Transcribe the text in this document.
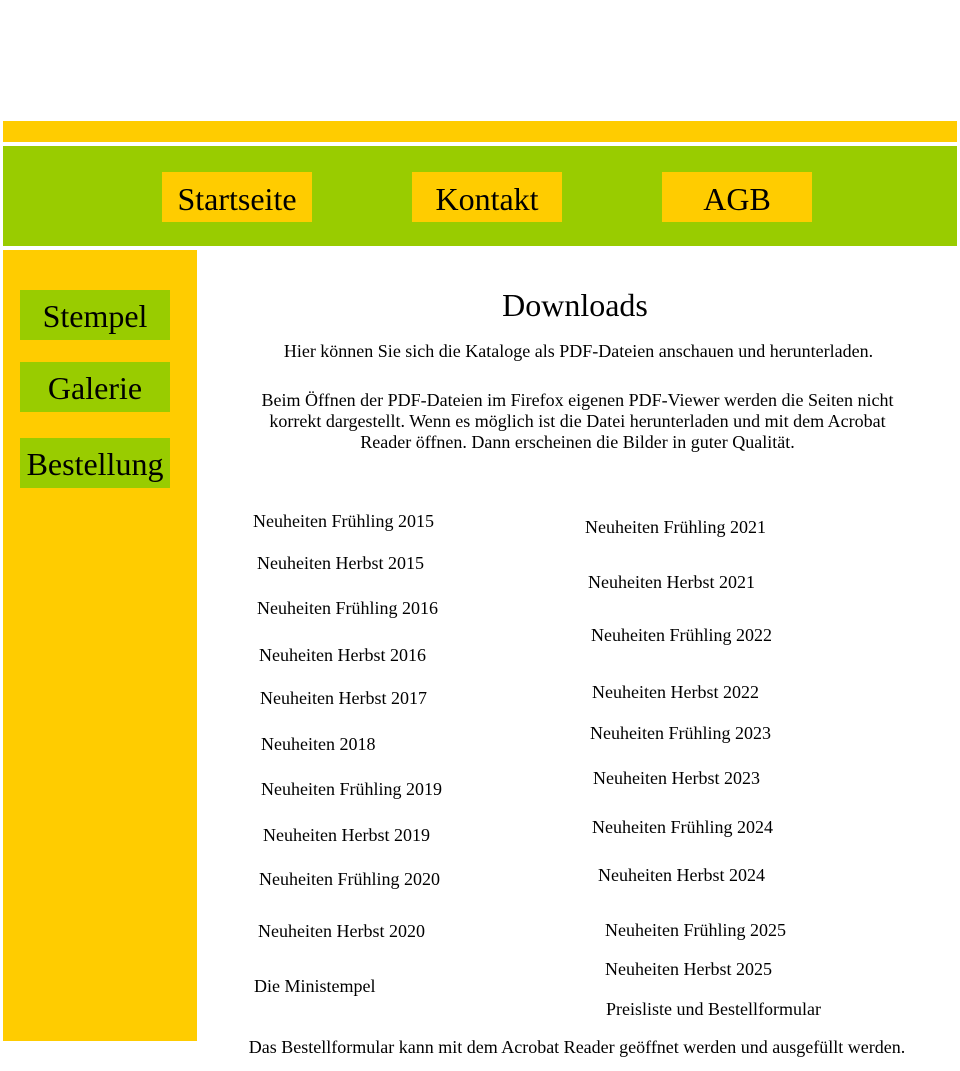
Startseite	Kontakt	AGB
Stempel
Galerie
Bestellung
Downloads
Hier können Sie sich die Kataloge als PDF-Dateien anschauen und herunterladen.
Beim Öffnen der PDF-Dateien im Firefox eigenen PDF-Viewer werden die Seiten nicht korrekt dargestellt. Wenn es möglich ist die Datei herunterladen und mit dem Acrobat Reader öffnen. Dann erscheinen die Bilder in guter Qualität.
Neuheiten Frühling 2015
Neuheiten Herbst 2015
Neuheiten Frühling 2016
Neuheiten Herbst 2016
Neuheiten Herbst 2017
Neuheiten 2018
Neuheiten Frühling 2019
Neuheiten Herbst 2019
Neuheiten Frühling 2020
Neuheiten Herbst 2020
Die Ministempel
Neuheiten Frühling 2021
Neuheiten Herbst 2021
Neuheiten Frühling 2022
Neuheiten Herbst 2022
Neuheiten Frühling 2023
Neuheiten Herbst 2023
Neuheiten Frühling 2024
Neuheiten Herbst 2024
Neuheiten Frühling 2025
Neuheiten Herbst 2025
Preisliste und Bestellformular
Das Bestellformular kann mit dem Acrobat Reader geöffnet werden und ausgefüllt werden.
